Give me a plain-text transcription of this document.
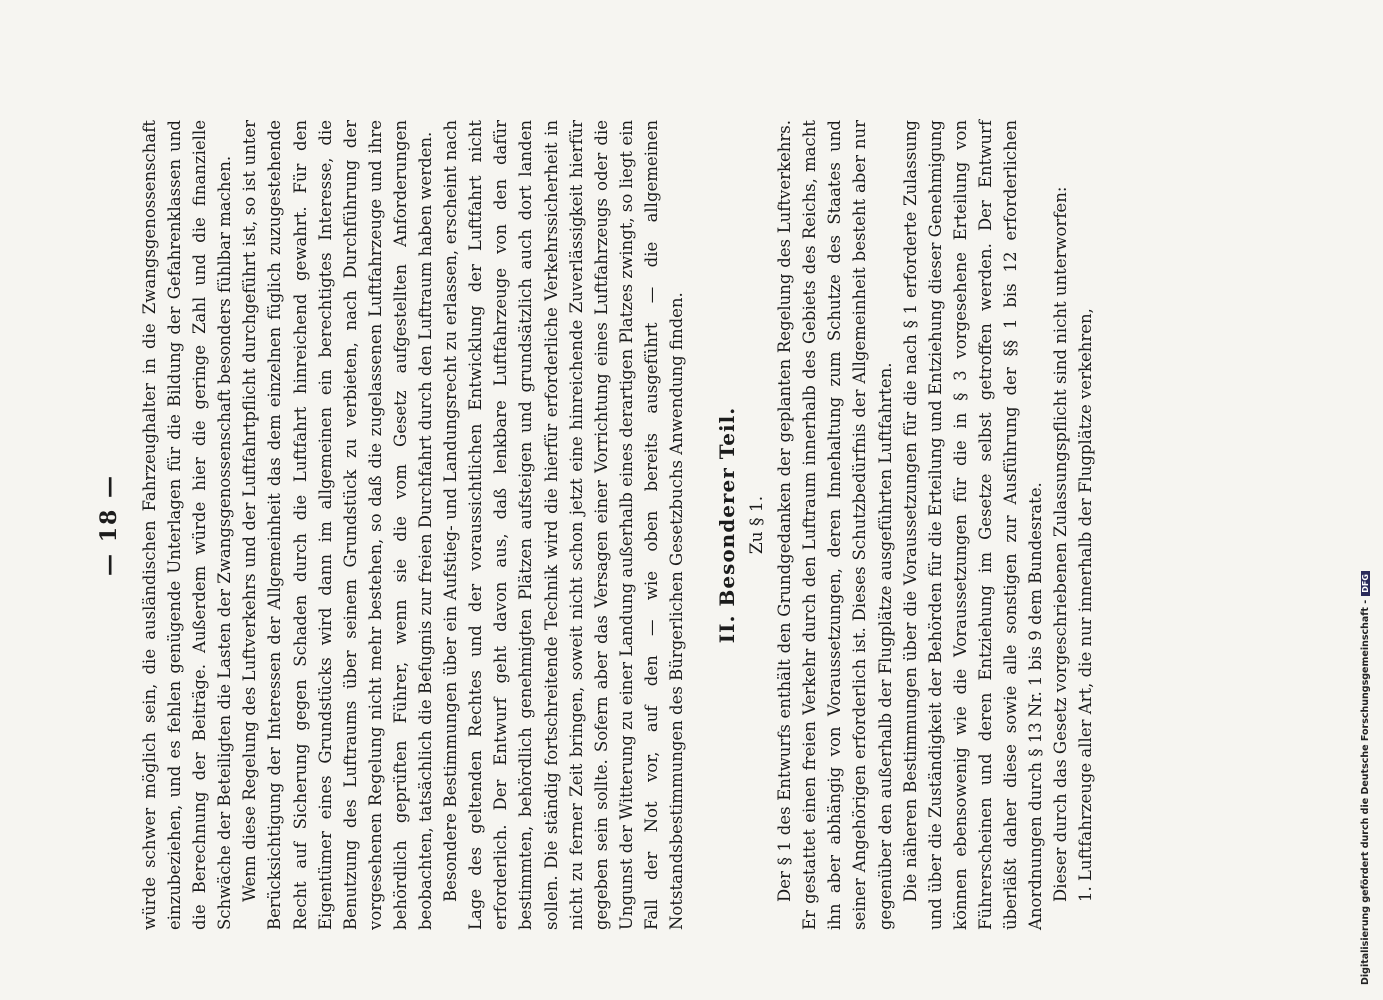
— 18 — würde schwer möglich sein, die ausländischen Fahrzeughalter in die Zwangsgenossenschaft einzubeziehen, und es fehlen genügende Unterlagen für die Bildung der Gefahrenklassen und die Berechnung der Beiträge. Außerdem würde hier die geringe Zahl und die finanzielle Schwäche der Beteiligten die Lasten der Zwangsgenossenschaft besonders fühlbar machen. Wenn diese Regelung des Luftverkehrs und der Luftfahrtpflicht durchgeführt ist, so ist unter Berücksichtigung der Interessen der Allgemeinheit das dem einzelnen füglich zuzugestehende Recht auf Sicherung gegen Schaden durch die Luftfahrt hinreichend gewahrt. Für den Eigentümer eines Grundstücks wird dann im allgemeinen ein berechtigtes Interesse, die Benutzung des Luftraums über seinem Grundstück zu verbieten, nach Durchführung der vorgesehenen Regelung nicht mehr bestehen, so daß die zugelassenen Luftfahrzeuge und ihre behördlich geprüften Führer, wenn sie die vom Gesetz aufgestellten Anforderungen beobachten, tatsächlich die Befugnis zur freien Durchfahrt durch den Luftraum haben werden. Besondere Bestimmungen über ein Aufstieg- und Landungsrecht zu erlassen, erscheint nach Lage des geltenden Rechtes und der voraussichtlichen Entwicklung der Luftfahrt nicht erforderlich. Der Entwurf geht davon aus, daß lenkbare Luftfahrzeuge von den dafür bestimmten, behördlich genehmigten Plätzen aufsteigen und grundsätzlich auch dort landen sollen. Die ständig fortschreitende Technik wird die hierfür erforderliche Verkehrssicherheit in nicht zu ferner Zeit bringen, soweit nicht schon jetzt eine hinreichende Zuverlässigkeit hierfür gegeben sein sollte. Sofern aber das Versagen einer Vorrichtung eines Luftfahrzeugs oder die Ungunst der Witterung zu einer Landung außerhalb eines derartigen Platzes zwingt, so liegt ein Fall der Not vor, auf den — wie oben bereits ausgeführt — die allgemeinen Notstandsbestimmungen des Bürgerlichen Gesetzbuchs Anwendung finden. II. Besonderer Teil. Zu § 1. Der § 1 des Entwurfs enthält den Grundgedanken der geplanten Regelung des Luftverkehrs. Er gestattet einen freien Verkehr durch den Luftraum innerhalb des Gebiets des Reichs, macht ihn aber abhängig von Voraussetzungen, deren Innehaltung zum Schutze des Staates und seiner Angehörigen erforderlich ist. Dieses Schutzbedürfnis der Allgemeinheit besteht aber nur gegenüber den außerhalb der Flugplätze ausgeführten Luftfahrten. Die näheren Bestimmungen über die Voraussetzungen für die nach § 1 erforderte Zulassung und über die Zuständigkeit der Behörden für die Erteilung und Entziehung dieser Genehmigung können ebensowenig wie die Voraussetzungen für die in § 3 vorgesehene Erteilung von Führerscheinen und deren Entziehung im Gesetze selbst getroffen werden. Der Entwurf überläßt daher diese sowie alle sonstigen zur Ausführung der §§ 1 bis 12 erforderlichen Anordnungen durch § 13 Nr. 1 bis 9 dem Bundesrate. Dieser durch das Gesetz vorgeschriebenen Zulassungspflicht sind nicht unterworfen: 1. Luftfahrzeuge aller Art, die nur innerhalb der Flugplätze verkehren,	Digitalisierung gefördert durch die Deutsche Forschungsgemeinschaft -DFG
